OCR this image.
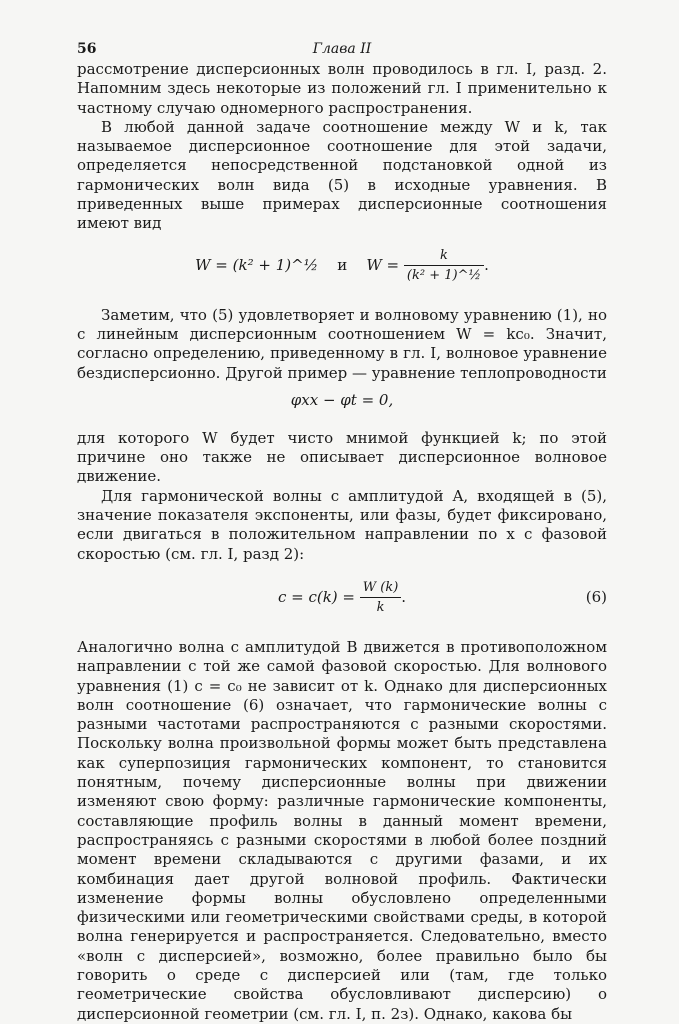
56	Глава II

рассмотрение дисперсионных волн проводилось в гл. I, разд. 2. Напомним здесь некоторые из положений гл. I применительно к частному случаю одномерного распространения.

В любой данной задаче соотношение между W и k, так называемое дисперсионное соотношение для этой задачи, определяется непосредственной подстановкой одной из гармонических волн вида (5) в исходные уравнения. В приведенных выше примерах дисперсионные соотношения имеют вид

W = (k² + 1)^½ и $W = \frac{k}{\text{(k² + 1)\textasciicircum{}½}}$ .

Заметим, что (5) удовлетворяет и волновому уравнению (1), но с линейным дисперсионным соотношением W = kc₀. Значит, согласно определению, приведенному в гл. I, волновое уравнение бездисперсионно. Другой пример — уравнение теплопроводности

φxx − φt = 0,

для которого W будет чисто мнимой функцией k; по этой причине оно также не описывает дисперсионное волновое движение.

Для гармонической волны с амплитудой A, входящей в (5), значение показателя экспоненты, или фазы, будет фиксировано, если двигаться в положительном направлении по x с фазовой скоростью (см. гл. I, разд 2):

$c = c(k) = \frac{W (k)}{k}$ .	(6)

Аналогично волна с амплитудой B движется в противоположном направлении с той же самой фазовой скоростью. Для волнового уравнения (1) c = c₀ не зависит от k. Однако для дисперсионных волн соотношение (6) означает, что гармонические волны с разными частотами распространяются с разными скоростями. Поскольку волна произвольной формы может быть представлена как суперпозиция гармонических компонент, то становится понятным, почему дисперсионные волны при движении изменяют свою форму: различные гармонические компоненты, составляющие профиль волны в данный момент времени, распространяясь с разными скоростями в любой более поздний момент времени складываются с другими фазами, и их комбинация дает другой волновой профиль. Фактически изменение формы волны обусловлено определенными физическими или геометрическими свойствами среды, в которой волна генерируется и распространяется. Следовательно, вместо «волн с дисперсией», возможно, более правильно было бы говорить о среде с дисперсией или (там, где только геометрические свойства обусловливают дисперсию) о дисперсионной геометрии (см. гл. I, п. 2з). Однако, какова бы
